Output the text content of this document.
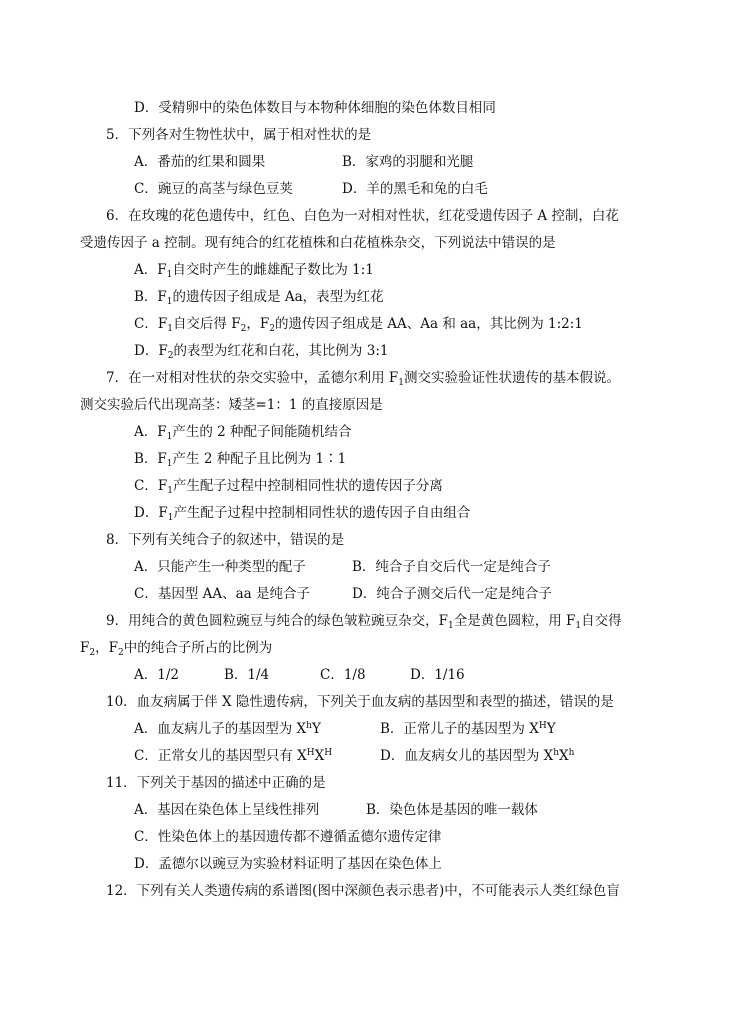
D．受精卵中的染色体数目与本物种体细胞的染色体数目相同
5．下列各对生物性状中，属于相对性状的是
A．番茄的红果和圆果	B．家鸡的羽腿和光腿
C．豌豆的高茎与绿色豆荚	D．羊的黑毛和兔的白毛
6．在玫瑰的花色遗传中，红色、白色为一对相对性状，红花受遗传因子 A 控制，白花
受遗传因子 a 控制。现有纯合的红花植株和白花植株杂交，下列说法中错误的是
A．$F_1$自交时产生的雌雄配子数比为 1:1
B．$F_1$的遗传因子组成是 Aa，表型为红花
C．$F_1$自交后得 $F_2$，$F_2$的遗传因子组成是 AA、Aa 和 aa，其比例为 1:2:1
D．$F_2$的表型为红花和白花，其比例为 3:1
7．在一对相对性状的杂交实验中，孟德尔利用 $F_1$测交实验验证性状遗传的基本假说。
测交实验后代出现高茎：矮茎=1：1 的直接原因是
A．$F_1$产生的 2 种配子间能随机结合
B．$F_1$产生 2 种配子且比例为 1∶1
C．$F_1$产生配子过程中控制相同性状的遗传因子分离
D．$F_1$产生配子过程中控制相同性状的遗传因子自由组合
8．下列有关纯合子的叙述中，错误的是
A．只能产生一种类型的配子	B．纯合子自交后代一定是纯合子
C．基因型 AA、aa 是纯合子	D．纯合子测交后代一定是纯合子
9．用纯合的黄色圆粒豌豆与纯合的绿色皱粒豌豆杂交，$F_1$全是黄色圆粒，用 $F_1$自交得
$F_2$，$F_2$中的纯合子所占的比例为
A．1/2	B．1/4	C．1/8	D．1/16
10．血友病属于伴 X 隐性遗传病，下列关于血友病的基因型和表型的描述，错误的是
A．血友病儿子的基因型为 $X^hY$	B．正常儿子的基因型为 $X^HY$
C．正常女儿的基因型只有 $X^HX^H$	D．血友病女儿的基因型为 $X^hX^h$
11．下列关于基因的描述中正确的是
A．基因在染色体上呈线性排列	B．染色体是基因的唯一载体
C．性染色体上的基因遗传都不遵循孟德尔遗传定律
D．孟德尔以豌豆为实验材料证明了基因在染色体上
12．下列有关人类遗传病的系谱图(图中深颜色表示患者)中，不可能表示人类红绿色盲
